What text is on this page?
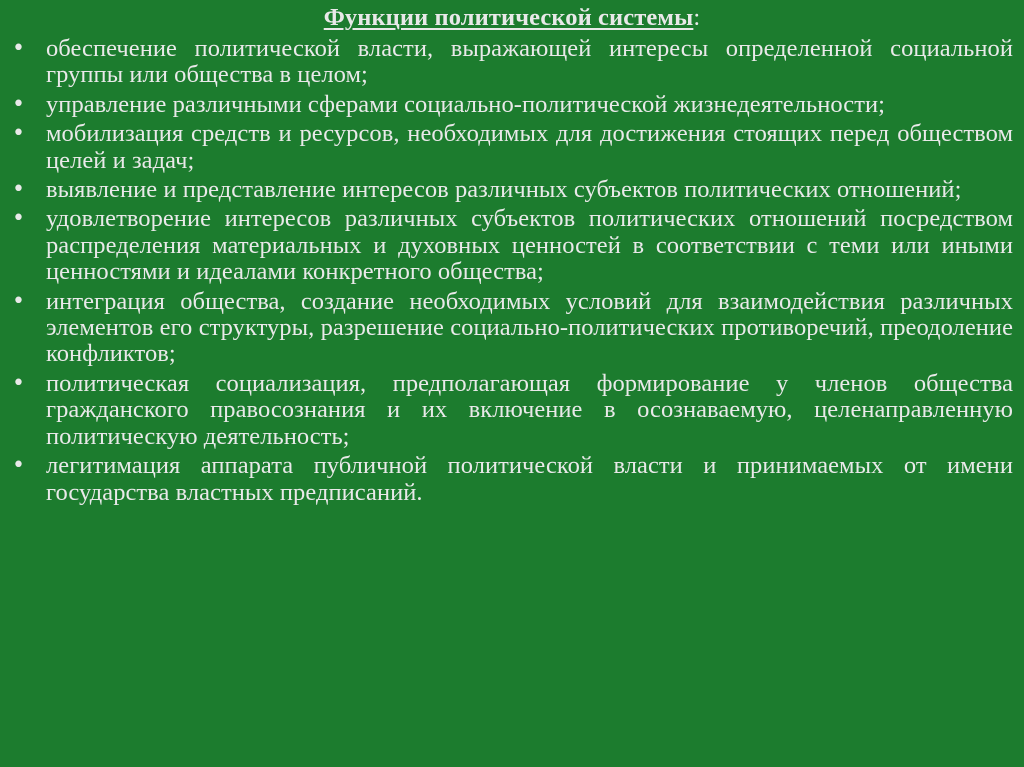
Функции политической системы:
• обеспечение политической власти, выражающей интересы определенной социальной группы или общества в целом;
• управление различными сферами социально-политической жизнедеятельности;
• мобилизация средств и ресурсов, необходимых для достижения стоящих перед обществом целей и задач;
• выявление и представление интересов различных субъектов политических отношений;
• удовлетворение интересов различных субъектов политических отношений посредством распределения материальных и духовных ценностей в соответствии с теми или иными ценностями и идеалами конкретного общества;
• интеграция общества, создание необходимых условий для взаимодействия различных элементов его структуры, разрешение социально-политических противоречий, преодоление конфликтов;
• политическая социализация, предполагающая формирование у членов общества гражданского правосознания и их включение в осознаваемую, целенаправленную политическую деятельность;
• легитимация аппарата публичной политической власти и принимаемых от имени государства властных предписаний.
